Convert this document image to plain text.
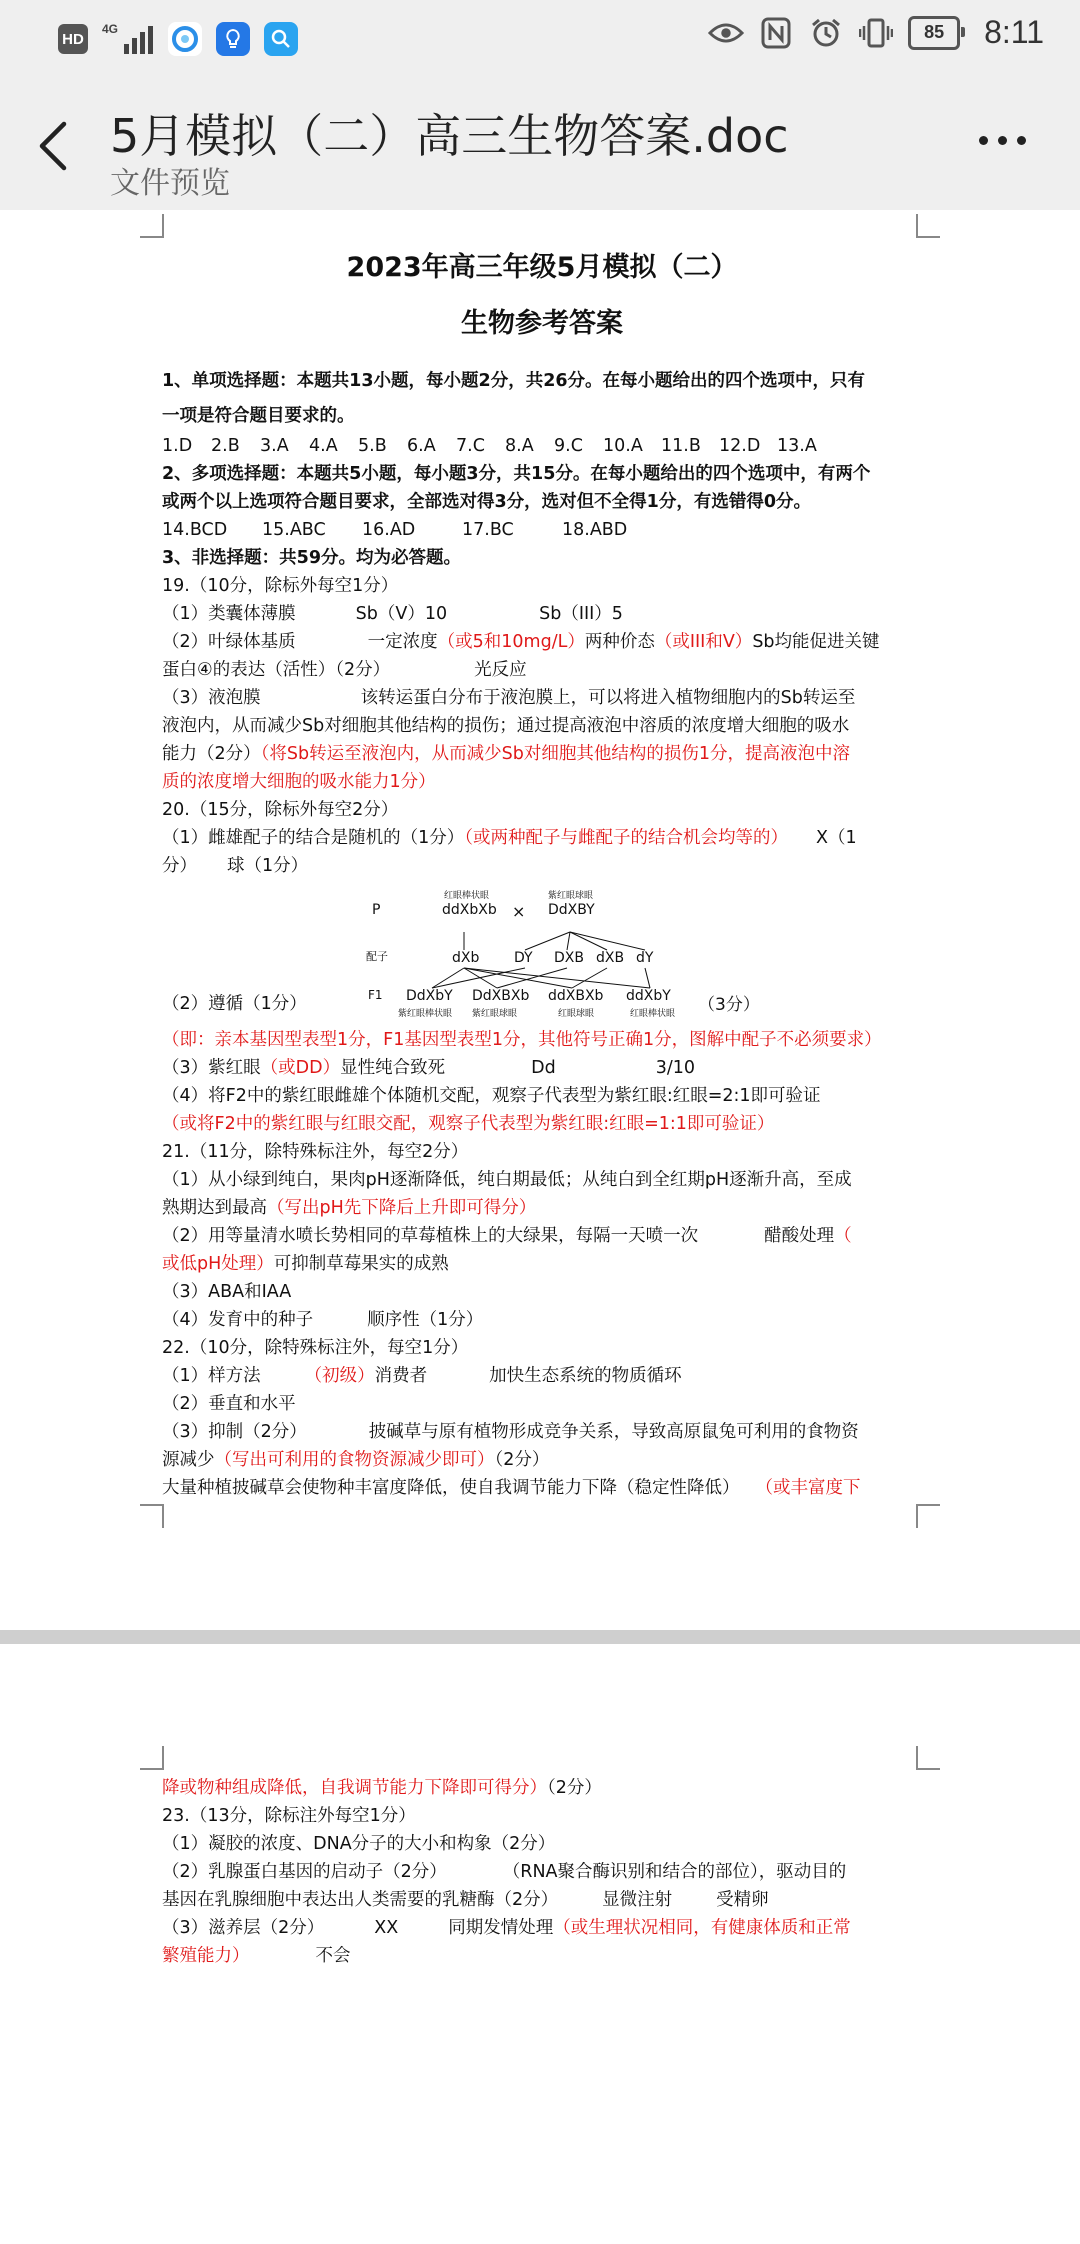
HD
4G	85 8:11
5月模拟（二）高三生物答案.doc
文件预览

2023年高三年级5月模拟（二）

生物参考答案

1、单项选择题：本题共13小题，每小题2分，共26分。在每小题给出的四个选项中，只有

一项是符合题目要求的。

1.D	2.B	3.A	4.A	5.B	6.A	7.C	8.A	9.C	10.A	11.B	12.D 13.A

2、多项选择题：本题共5小题，每小题3分，共15分。在每小题给出的四个选项中，有两个

或两个以上选项符合题目要求，全部选对得3分，选对但不全得1分，有选错得0分。

14.BCD	15.ABC	16.AD	17.BC	18.ABD

3、非选择题：共59分。均为必答题。

19.（10分，除标外每空1分）

（1）类囊体薄膜	Sb（V）10	Sb（III）5

（2）叶绿体基质	一定浓度（或5和10mg/L）两种价态（或III和V）Sb均能促进关键

蛋白④的表达（活性）（2分）	光反应

（3）液泡膜	该转运蛋白分布于液泡膜上，可以将进入植物细胞内的Sb转运至

液泡内，从而减少Sb对细胞其他结构的损伤；通过提高液泡中溶质的浓度增大细胞的吸水

能力（2分）（将Sb转运至液泡内，从而减少Sb对细胞其他结构的损伤1分，提高液泡中溶

质的浓度增大细胞的吸水能力1分）

20.（15分，除标外每空2分）

（1）雌雄配子的结合是随机的（1分）（或两种配子与雌配子的结合机会均等的） X（1

分） 球（1分）

P
红眼棒状眼
ddXbXb ×
紫红眼球眼
DdXBY
配子	dXb DY DXB dXB dY
F1 DdXbY DdXBXb ddXBXb ddXbY
紫红眼棒状眼 紫红眼球眼	红眼球眼	红眼棒状眼 （3分）
（2）遵循（1分）

（即：亲本基因型表型1分，F1基因型表型1分，其他符号正确1分，图解中配子不必须要求）

（3）紫红眼（或DD）显性纯合致死	Dd	3/10

（4）将F2中的紫红眼雌雄个体随机交配，观察子代表型为紫红眼:红眼=2:1即可验证

（或将F2中的紫红眼与红眼交配，观察子代表型为紫红眼:红眼=1:1即可验证）

21.（11分，除特殊标注外，每空2分）

（1）从小绿到纯白，果肉pH逐渐降低，纯白期最低；从纯白到全红期pH逐渐升高，至成

熟期达到最高（写出pH先下降后上升即可得分）

（2）用等量清水喷长势相同的草莓植株上的大绿果，每隔一天喷一次	醋酸处理（

或低pH处理）可抑制草莓果实的成熟

（3）ABA和IAA

（4）发育中的种子	顺序性（1分）

22.（10分，除特殊标注外，每空1分）

（1）样方法	（初级）消费者	加快生态系统的物质循环

（2）垂直和水平

（3）抑制（2分）	披碱草与原有植物形成竞争关系，导致高原鼠兔可利用的食物资

源减少（写出可利用的食物资源减少即可）（2分）

大量种植披碱草会使物种丰富度降低，使自我调节能力下降（稳定性降低） （或丰富度下

降或物种组成降低，自我调节能力下降即可得分）（2分）

23.（13分，除标注外每空1分）

（1）凝胶的浓度、DNA分子的大小和构象（2分）

（2）乳腺蛋白基因的启动子（2分）	（RNA聚合酶识别和结合的部位），驱动目的

基因在乳腺细胞中表达出人类需要的乳糖酶（2分）	显微注射	受精卵

（3）滋养层（2分）	XX	同期发情处理（或生理状况相同，有健康体质和正常

繁殖能力）	不会
